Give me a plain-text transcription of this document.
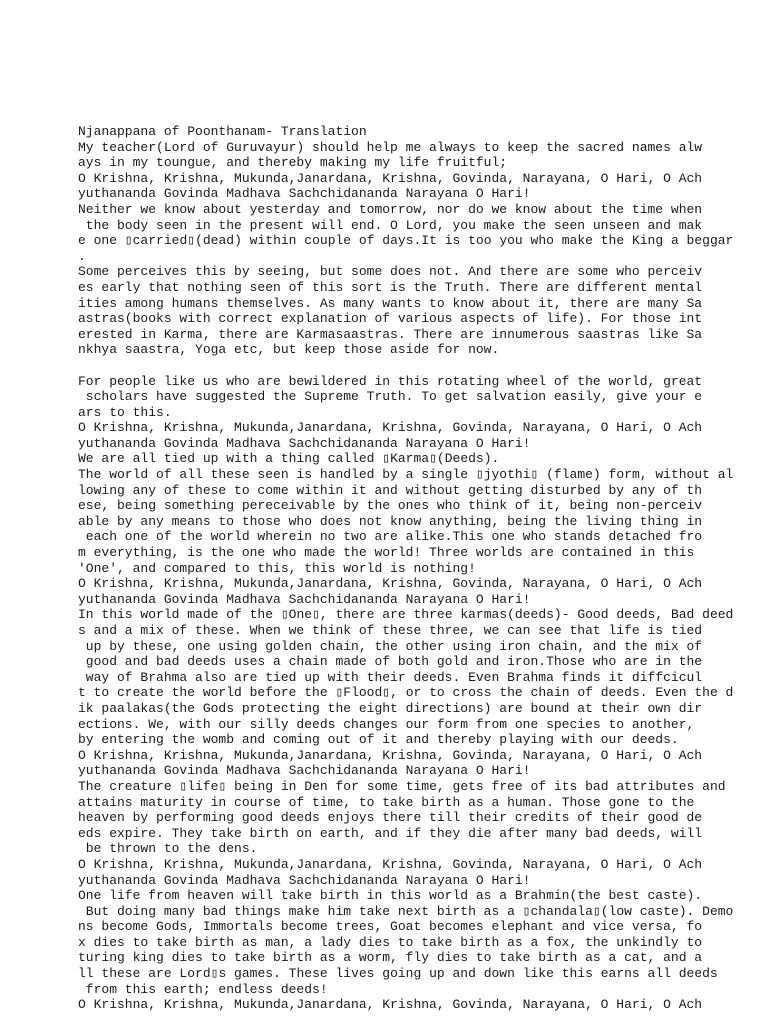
Njanappana of Poonthanam- Translation
My teacher(Lord of Guruvayur) should help me always to keep the sacred names alw
ays in my toungue, and thereby making my life fruitful;
O Krishna, Krishna, Mukunda,Janardana, Krishna, Govinda, Narayana, O Hari, O Ach
yuthananda Govinda Madhava Sachchidananda Narayana O Hari!
Neither we know about yesterday and tomorrow, nor do we know about the time when
the body seen in the present will end. O Lord, you make the seen unseen and mak
e one ▯carried▯(dead) within couple of days.It is too you who make the King a beggar
.
Some perceives this by seeing, but some does not. And there are some who perceiv
es early that nothing seen of this sort is the Truth. There are different mental
ities among humans themselves. As many wants to know about it, there are many Sa
astras(books with correct explanation of various aspects of life). For those int
erested in Karma, there are Karmasaastras. There are innumerous saastras like Sa
nkhya saastra, Yoga etc, but keep those aside for now.
For people like us who are bewildered in this rotating wheel of the world, great
scholars have suggested the Supreme Truth. To get salvation easily, give your e
ars to this.
O Krishna, Krishna, Mukunda,Janardana, Krishna, Govinda, Narayana, O Hari, O Ach
yuthananda Govinda Madhava Sachchidananda Narayana O Hari!
We are all tied up with a thing called ▯Karma▯(Deeds).
The world of all these seen is handled by a single ▯jyothi▯ (flame) form, without al
lowing any of these to come within it and without getting disturbed by any of th
ese, being something pereceivable by the ones who think of it, being non-perceiv
able by any means to those who does not know anything, being the living thing in
each one of the world wherein no two are alike.This one who stands detached fro
m everything, is the one who made the world! Three worlds are contained in this
'One', and compared to this, this world is nothing!
O Krishna, Krishna, Mukunda,Janardana, Krishna, Govinda, Narayana, O Hari, O Ach
yuthananda Govinda Madhava Sachchidananda Narayana O Hari!
In this world made of the ▯One▯, there are three karmas(deeds)- Good deeds, Bad deed
s and a mix of these. When we think of these three, we can see that life is tied
up by these, one using golden chain, the other using iron chain, and the mix of
good and bad deeds uses a chain made of both gold and iron.Those who are in the
way of Brahma also are tied up with their deeds. Even Brahma finds it diffcicul
t to create the world before the ▯Flood▯, or to cross the chain of deeds. Even the d
ik paalakas(the Gods protecting the eight directions) are bound at their own dir
ections. We, with our silly deeds changes our form from one species to another,
by entering the womb and coming out of it and thereby playing with our deeds.
O Krishna, Krishna, Mukunda,Janardana, Krishna, Govinda, Narayana, O Hari, O Ach
yuthananda Govinda Madhava Sachchidananda Narayana O Hari!
The creature ▯life▯ being in Den for some time, gets free of its bad attributes and
attains maturity in course of time, to take birth as a human. Those gone to the
heaven by performing good deeds enjoys there till their credits of their good de
eds expire. They take birth on earth, and if they die after many bad deeds, will
be thrown to the dens.
O Krishna, Krishna, Mukunda,Janardana, Krishna, Govinda, Narayana, O Hari, O Ach
yuthananda Govinda Madhava Sachchidananda Narayana O Hari!
One life from heaven will take birth in this world as a Brahmin(the best caste).
But doing many bad things make him take next birth as a ▯chandala▯(low caste). Demo
ns become Gods, Immortals become trees, Goat becomes elephant and vice versa, fo
x dies to take birth as man, a lady dies to take birth as a fox, the unkindly to
turing king dies to take birth as a worm, fly dies to take birth as a cat, and a
ll these are Lord▯s games. These lives going up and down like this earns all deeds
from this earth; endless deeds!
O Krishna, Krishna, Mukunda,Janardana, Krishna, Govinda, Narayana, O Hari, O Ach
